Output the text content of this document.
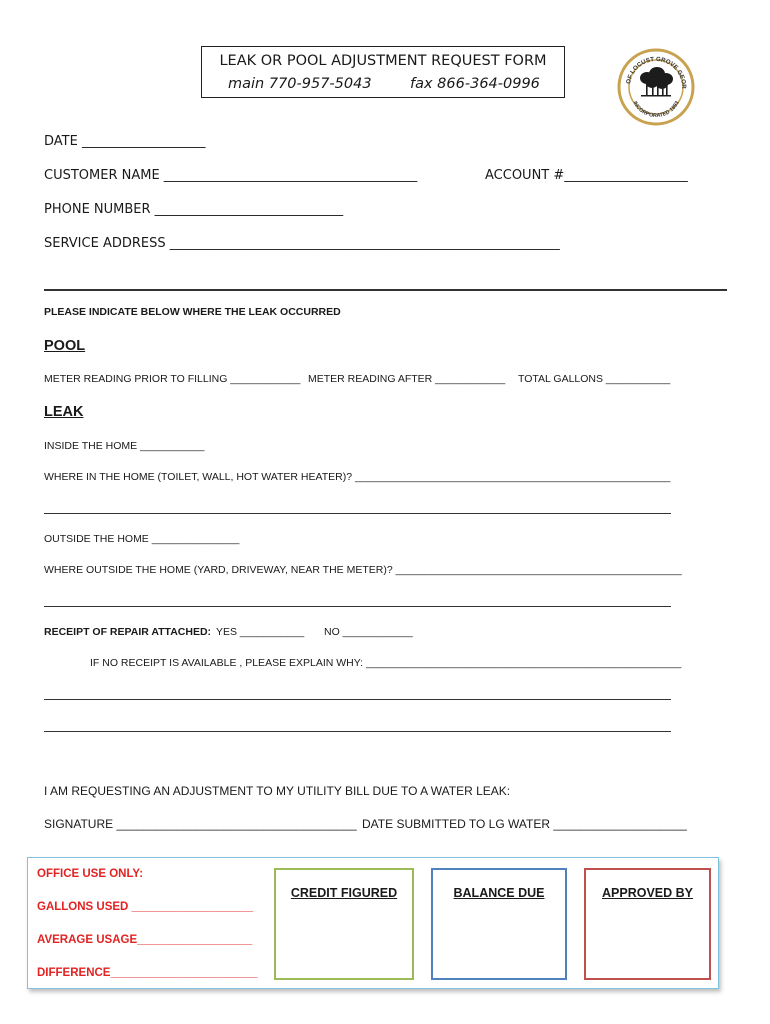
LEAK OR POOL ADJUSTMENT REQUEST FORM
main 770-957-5043	fax 866-364-0996	OF LOCUST GROVE GEOR
INCORPORATED 1893
DATE ___________________
CUSTOMER NAME _______________________________________	ACCOUNT #___________________
PHONE NUMBER _____________________________
SERVICE ADDRESS ____________________________________________________________
PLEASE INDICATE BELOW WHERE THE LEAK OCCURRED
POOL
METER READING PRIOR TO FILLING ____________ METER READING AFTER ____________ TOTAL GALLONS ___________
LEAK
INSIDE THE HOME ___________
WHERE IN THE HOME (TOILET, WALL, HOT WATER HEATER)? ______________________________________________________
OUTSIDE THE HOME _______________
WHERE OUTSIDE THE HOME (YARD, DRIVEWAY, NEAR THE METER)? _________________________________________________
RECEIPT OF REPAIR ATTACHED: YES ___________ NO ____________
IF NO RECEIPT IS AVAILABLE , PLEASE EXPLAIN WHY: ______________________________________________________
I AM REQUESTING AN ADJUSTMENT TO MY UTILITY BILL DUE TO A WATER LEAK:
SIGNATURE ____________________________________ DATE SUBMITTED TO LG WATER ____________________
OFFICE USE ONLY:
GALLONS USED ___________________
AVERAGE USAGE__________________
DIFFERENCE_______________________
CREDIT FIGURED	BALANCE DUE	APPROVED BY
